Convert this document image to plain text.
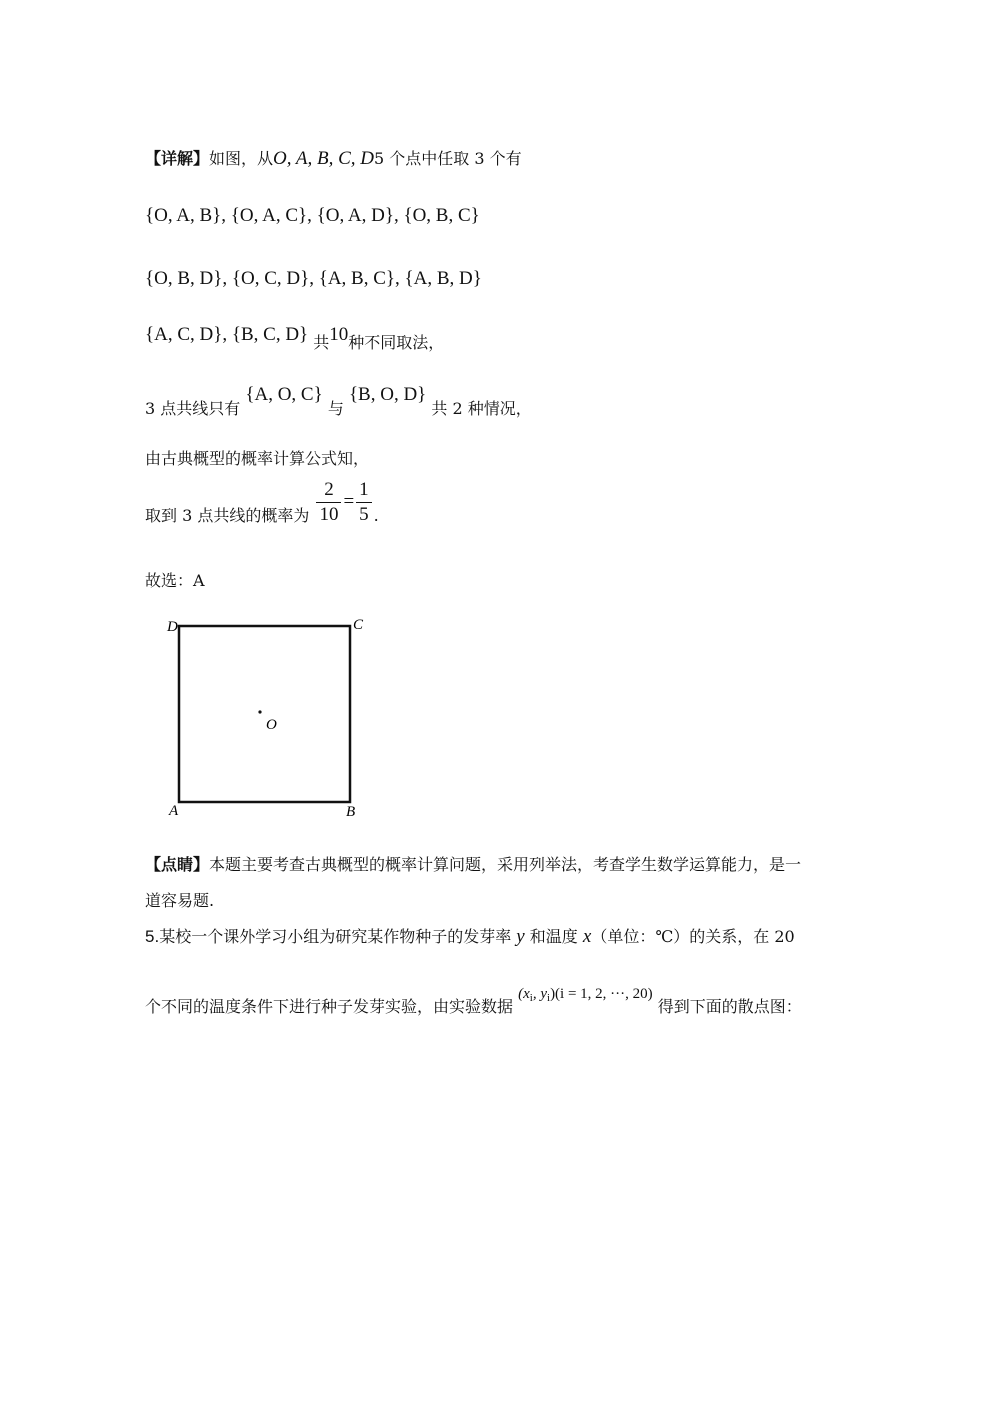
【详解】如图，从O, A, B, C, D5 个点中任取 3 个有
{O, A, B}, {O, A, C}, {O, A, D}, {O, B, C}
{O, B, D}, {O, C, D}, {A, B, C}, {A, B, D}
{A, C, D}, {B, C, D} 共10种不同取法，
3 点共线只有 {A, O, C} 与 {B, O, D} 共 2 种情况，
由古典概型的概率计算公式知，
取到 3 点共线的概率为 $\frac{2}{10} = \frac{1}{5}$ .
故选：A
D	C
A	B
O
【点睛】本题主要考查古典概型的概率计算问题，采用列举法，考查学生数学运算能力，是一
道容易题.
5.某校一个课外学习小组为研究某作物种子的发芽率 y 和温度 x（单位：℃）的关系，在 20
个不同的温度条件下进行种子发芽实验，由实验数据 ($x_i$, $y_i)(i = 1$, 2, ···, 20) 得到下面的散点图：
